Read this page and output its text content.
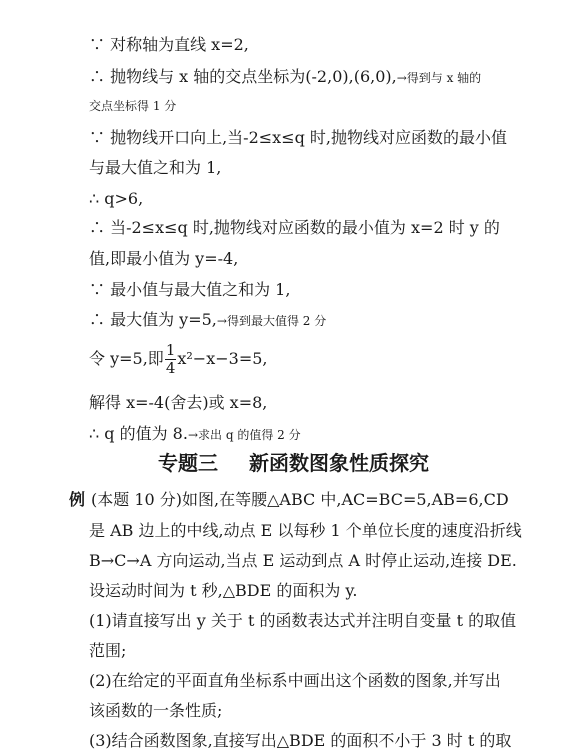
∵ 对称轴为直线 x=2,
∴ 抛物线与 x 轴的交点坐标为(-2,0),(6,0),→得到与 x 轴的
交点坐标得 1 分
∵ 抛物线开口向上,当-2≤x≤q 时,抛物线对应函数的最小值
与最大值之和为 1,
∴ q>6,
∴ 当-2≤x≤q 时,抛物线对应函数的最小值为 x=2 时 y 的
值,即最小值为 y=-4,
∵ 最小值与最大值之和为 1,
∴ 最大值为 y=5,→得到最大值得 2 分
令 y=5,即 $\frac{1}{4} x^2-x-3=5$,
解得 x=-4(舍去)或 x=8,
∴ q 的值为 8.→求出 q 的值得 2 分
专题三 新函数图象性质探究
例 (本题 10 分)如图,在等腰△ABC 中,AC=BC=5,AB=6,CD
是 AB 边上的中线,动点 E 以每秒 1 个单位长度的速度沿折线
B→C→A 方向运动,当点 E 运动到点 A 时停止运动,连接 DE.
设运动时间为 t 秒,△BDE 的面积为 y.
(1)请直接写出 y 关于 t 的函数表达式并注明自变量 t 的取值
范围;
(2)在给定的平面直角坐标系中画出这个函数的图象,并写出
该函数的一条性质;
(3)结合函数图象,直接写出△BDE 的面积不小于 3 时 t 的取
